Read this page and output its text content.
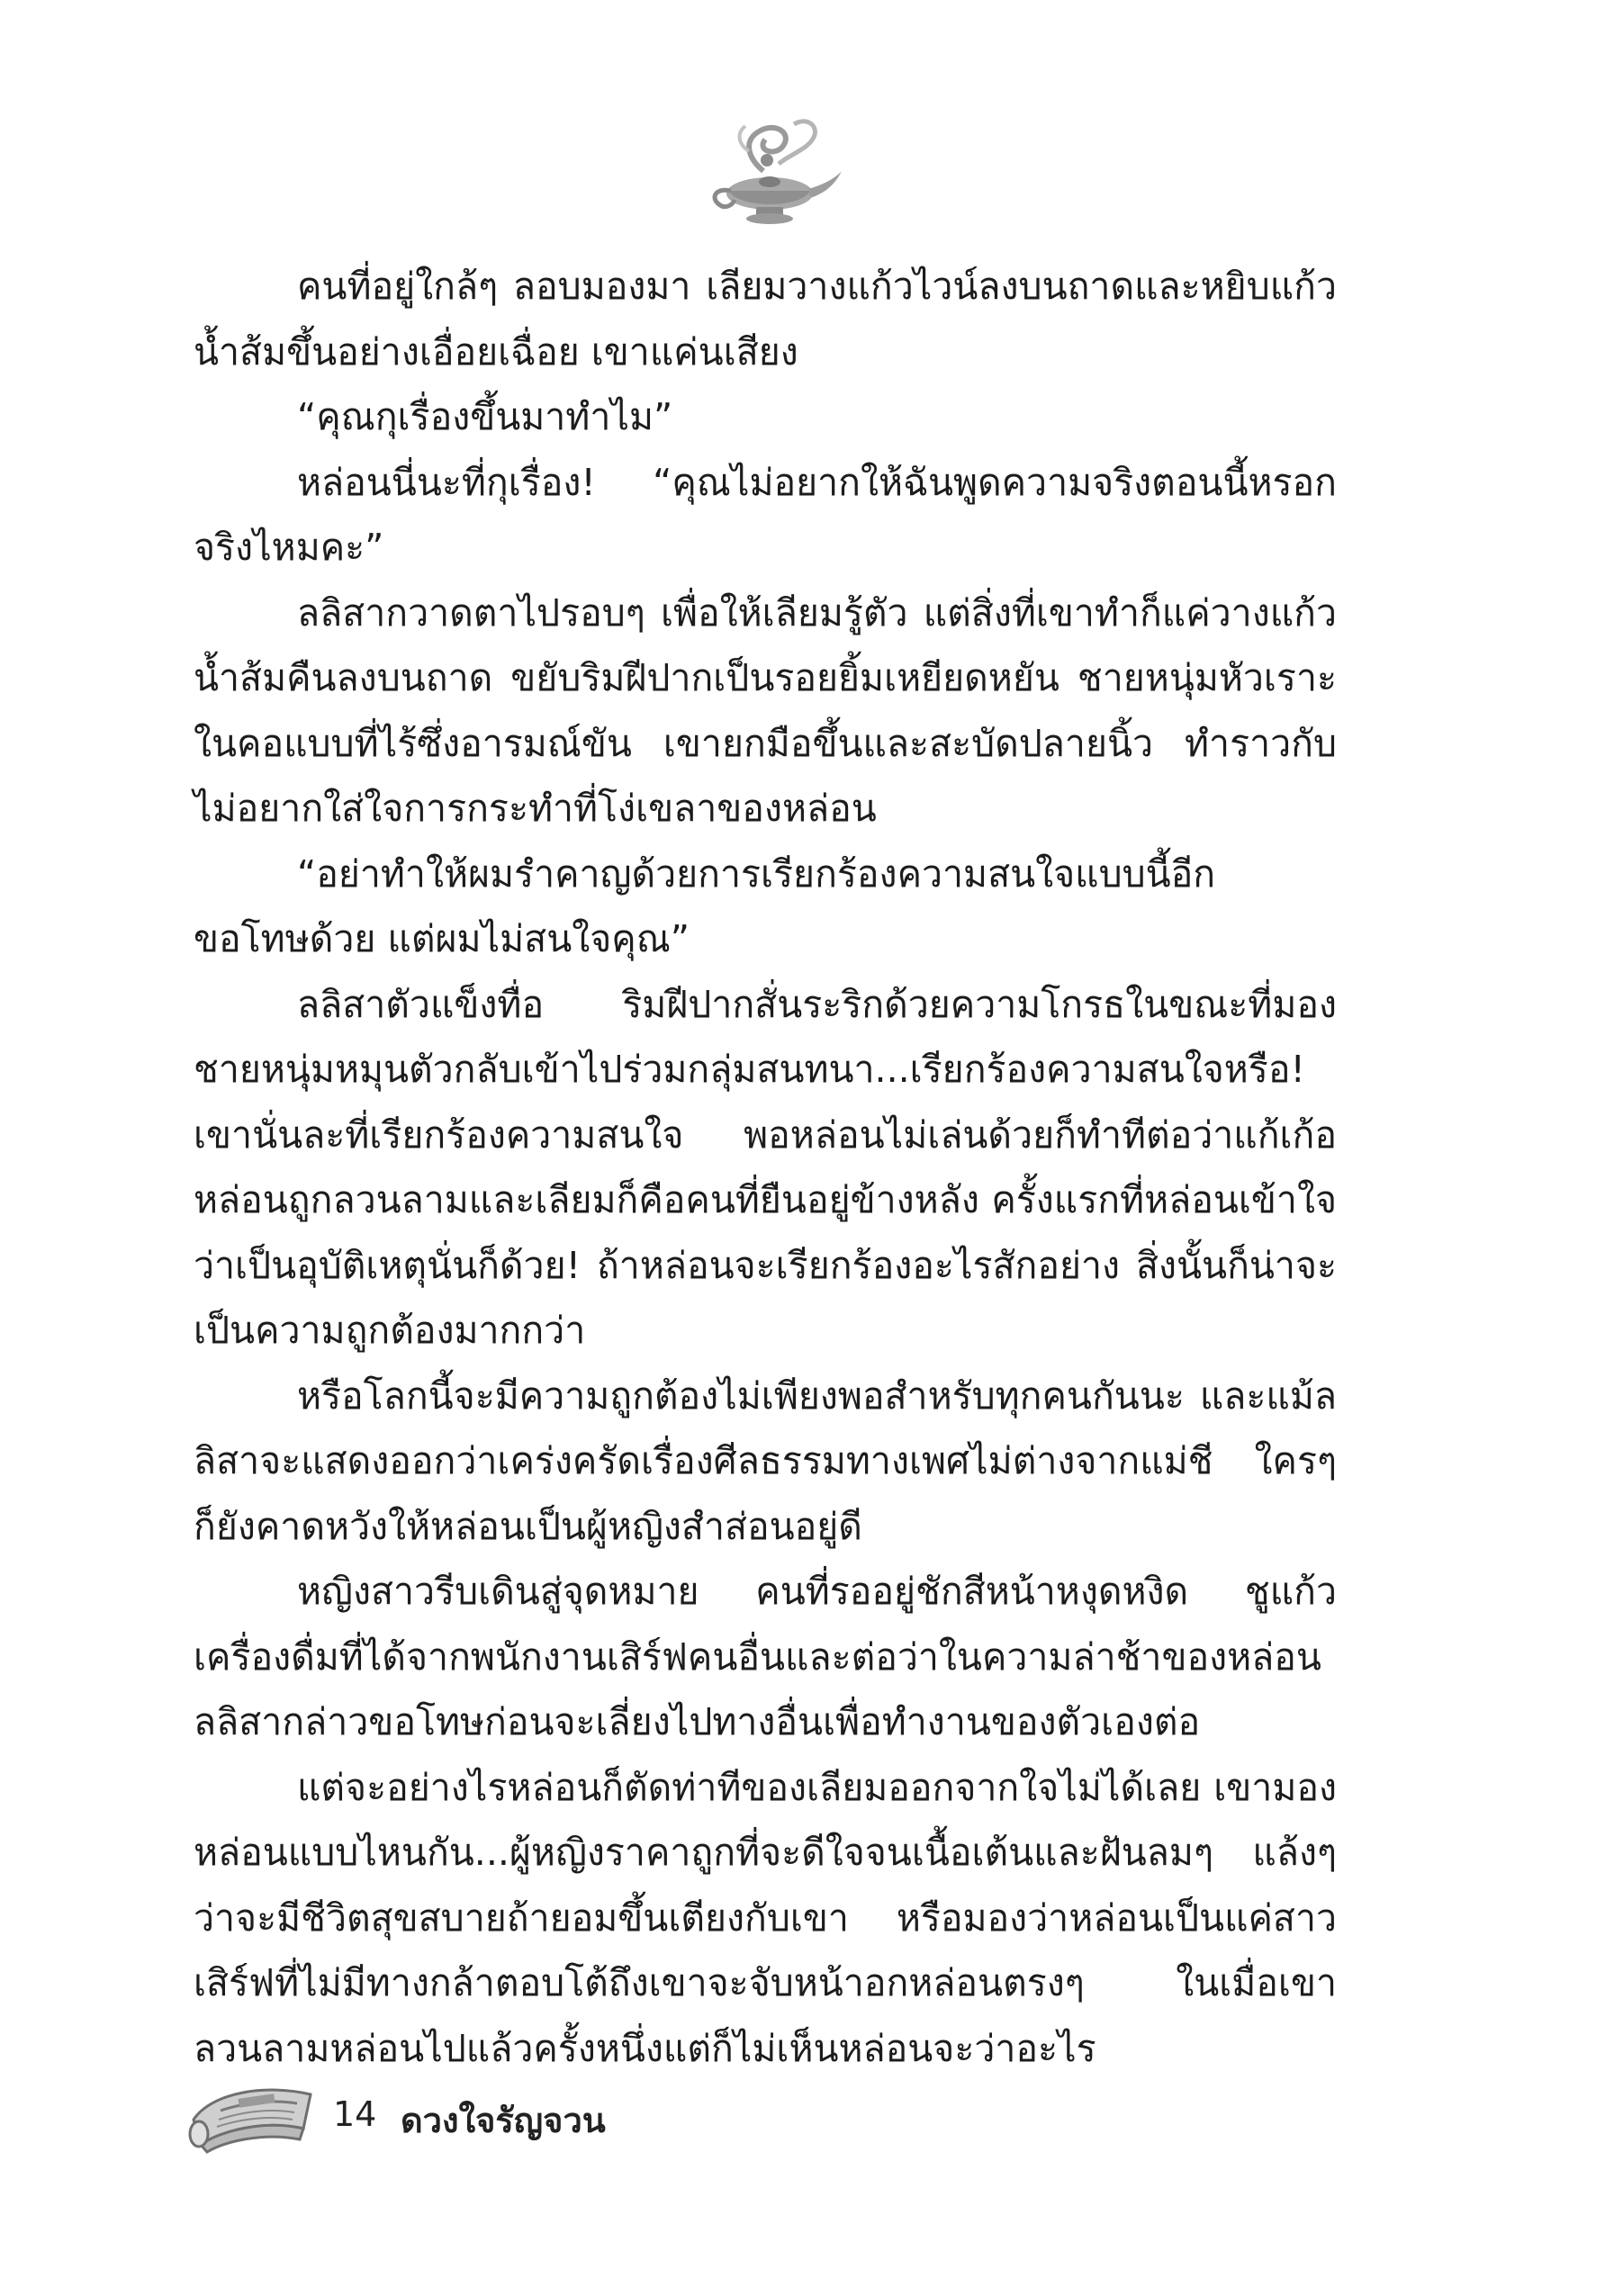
คนที่อยู่ใกล้ๆ ลอบมองมา เลียมวางแก้วไวน์ลงบนถาดและหยิบแก้วน้ำส้มขึ้นอย่างเอื่อยเฉื่อย เขาแค่นเสียง

“คุณกุเรื่องขึ้นมาทำไม”

หล่อนนี่นะที่กุเรื่อง! “คุณไม่อยากให้ฉันพูดความจริงตอนนี้หรอกจริงไหมคะ”

ลลิสากวาดตาไปรอบๆ เพื่อให้เลียมรู้ตัว แต่สิ่งที่เขาทำก็แค่วางแก้วน้ำส้มคืนลงบนถาด ขยับริมฝีปากเป็นรอยยิ้มเหยียดหยัน ชายหนุ่มหัวเราะในคอแบบที่ไร้ซึ่งอารมณ์ขัน เขายกมือขึ้นและสะบัดปลายนิ้ว ทำราวกับไม่อยากใส่ใจการกระทำที่โง่เขลาของหล่อน

“อย่าทำให้ผมรำคาญด้วยการเรียกร้องความสนใจแบบนี้อีก ขอโทษด้วย แต่ผมไม่สนใจคุณ”

ลลิสาตัวแข็งทื่อ ริมฝีปากสั่นระริกด้วยความโกรธในขณะที่มองชายหนุ่มหมุนตัวกลับเข้าไปร่วมกลุ่มสนทนา...เรียกร้องความสนใจหรือ! เขานั่นละที่เรียกร้องความสนใจ พอหล่อนไม่เล่นด้วยก็ทำทีต่อว่าแก้เก้อ หล่อนถูกลวนลามและเลียมก็คือคนที่ยืนอยู่ข้างหลัง ครั้งแรกที่หล่อนเข้าใจว่าเป็นอุบัติเหตุนั่นก็ด้วย! ถ้าหล่อนจะเรียกร้องอะไรสักอย่าง สิ่งนั้นก็น่าจะเป็นความถูกต้องมากกว่า

หรือโลกนี้จะมีความถูกต้องไม่เพียงพอสำหรับทุกคนกันนะ และแม้ลลิสาจะแสดงออกว่าเคร่งครัดเรื่องศีลธรรมทางเพศไม่ต่างจากแม่ชี ใครๆ ก็ยังคาดหวังให้หล่อนเป็นผู้หญิงสำส่อนอยู่ดี

หญิงสาวรีบเดินสู่จุดหมาย คนที่รออยู่ชักสีหน้าหงุดหงิด ชูแก้วเครื่องดื่มที่ได้จากพนักงานเสิร์ฟคนอื่นและต่อว่าในความล่าช้าของหล่อน ลลิสากล่าวขอโทษก่อนจะเลี่ยงไปทางอื่นเพื่อทำงานของตัวเองต่อ

แต่จะอย่างไรหล่อนก็ตัดท่าทีของเลียมออกจากใจไม่ได้เลย เขามองหล่อนแบบไหนกัน...ผู้หญิงราคาถูกที่จะดีใจจนเนื้อเต้นและฝันลมๆ แล้งๆ ว่าจะมีชีวิตสุขสบายถ้ายอมขึ้นเตียงกับเขา หรือมองว่าหล่อนเป็นแค่สาวเสิร์ฟที่ไม่มีทางกล้าตอบโต้ถึงเขาจะจับหน้าอกหล่อนตรงๆ ในเมื่อเขาลวนลามหล่อนไปแล้วครั้งหนึ่งแต่ก็ไม่เห็นหล่อนจะว่าอะไร

14 ดวงใจรัญจวน
